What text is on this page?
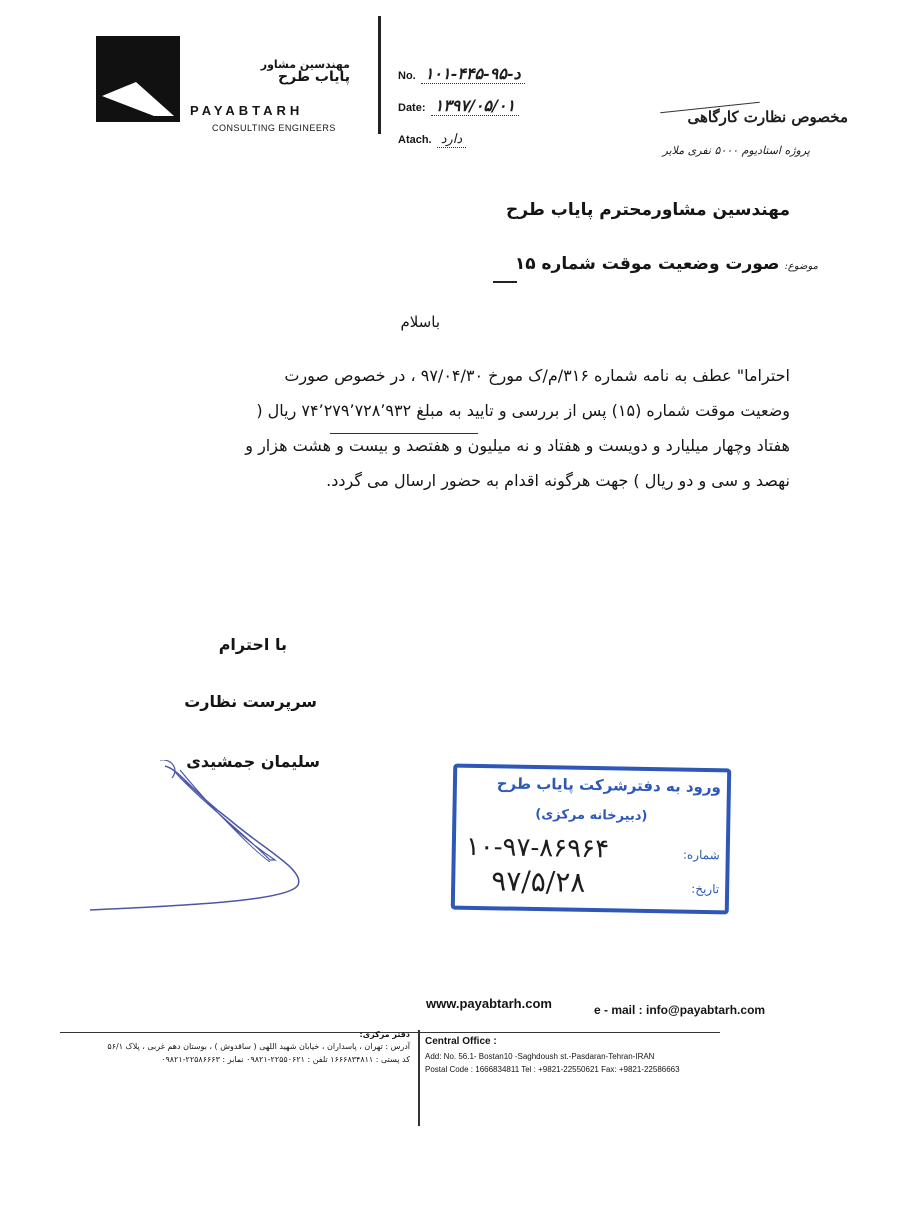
مهندسین مشاور
پایاب طرح
PAYABTARH
CONSULTING ENGINEERS
No. ۱۰۱-د-۹۵-۴۴۵
Date: ۱۳۹۷/۰۵/۰۱
Atach. دارد
مخصوص نظارت کارگاهی
پروژه استادیوم ۵۰۰۰ نفری ملایر
مهندسین مشاورمحترم پایاب طرح
موضوع: صورت وضعیت موقت شماره ۱۵
باسلام
احتراما" عطف به نامه شماره ۳۱۶/م/ک مورخ ۹۷/۰۴/۳۰ ، در خصوص صورت
وضعیت موقت شماره (۱۵) پس از بررسی و تایید به مبلغ ۷۴٬۲۷۹٬۷۲۸٬۹۳۲ ریال (
هفتاد وچهار میلیارد و دویست و هفتاد و نه میلیون و هفتصد و بیست و هشت هزار و
نهصد و سی و دو ریال ) جهت هرگونه اقدام به حضور ارسال می گردد.
با احترام
سرپرست نظارت
سلیمان جمشیدی
ورود به دفترشرکت پایاب طرح
(دبیرخانه مرکزی)
شماره:
۱۰-۹۷-۸۶۹۶۴
تاریخ:
۹۷/۵/۲۸
www.payabtarh.com	e - mail : info@payabtarh.com
دفتر مرکزی:
آدرس : تهران ، پاسداران ، خیابان شهید اللهی ( ساقدوش ) ، بوستان دهم غربی ، پلاک ۵۶/۱
کد پستی : ۱۶۶۶۸۳۴۸۱۱ تلفن : ۲۲۵۵۰۶۲۱-۰۹۸۲۱ نمابر : ۲۲۵۸۶۶۶۳-۰۹۸۲۱
Central Office :
Add: No. 56.1- Bostan10 -Saghdoush st.-Pasdaran-Tehran-IRAN
Postal Code : 1666834811 Tel : +9821-22550621 Fax: +9821-22586663
